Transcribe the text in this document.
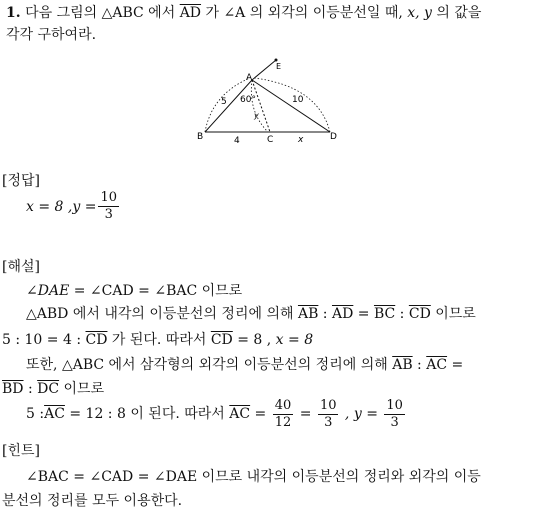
1. 다음 그림의 △ABC 에서 $\overline{AD}$ 가 ∠A 의 외각의 이등분선일 때, x, y 의 값을
각각 구하여라.
A
B	C	D
E
5	10
4	x
y
60°
[정답]
x = 8 , $y = \frac{10}{3}$
[해설]
∠DAE = ∠CAD = ∠BAC 이므로
△ABD 에서 내각의 이등분선의 정리에 의해 $\overline{AB}$ : $\overline{AD} = \overline{BC}$ : $\overline{CD}$ 이므로
5 : 10 = 4 : $\overline{CD}$ 가 된다. 따라서 $\overline{CD} = 8$ , x = 8
또한, △ABC 에서 삼각형의 외각의 이등분선의 정리에 의해 $\overline{AB}$ : $\overline{AC}$ =
$\overline{BD}$ : $\overline{DC}$ 이므로
5 : $\overline{AC} = 12$ : 8 이 된다. 따라서 $\overline{AC} = \frac{40}{12} = \frac{10}{3}$ , $y = \frac{10}{3}$
[힌트]
∠BAC = ∠CAD = ∠DAE 이므로 내각의 이등분선의 정리와 외각의 이등
분선의 정리를 모두 이용한다.
